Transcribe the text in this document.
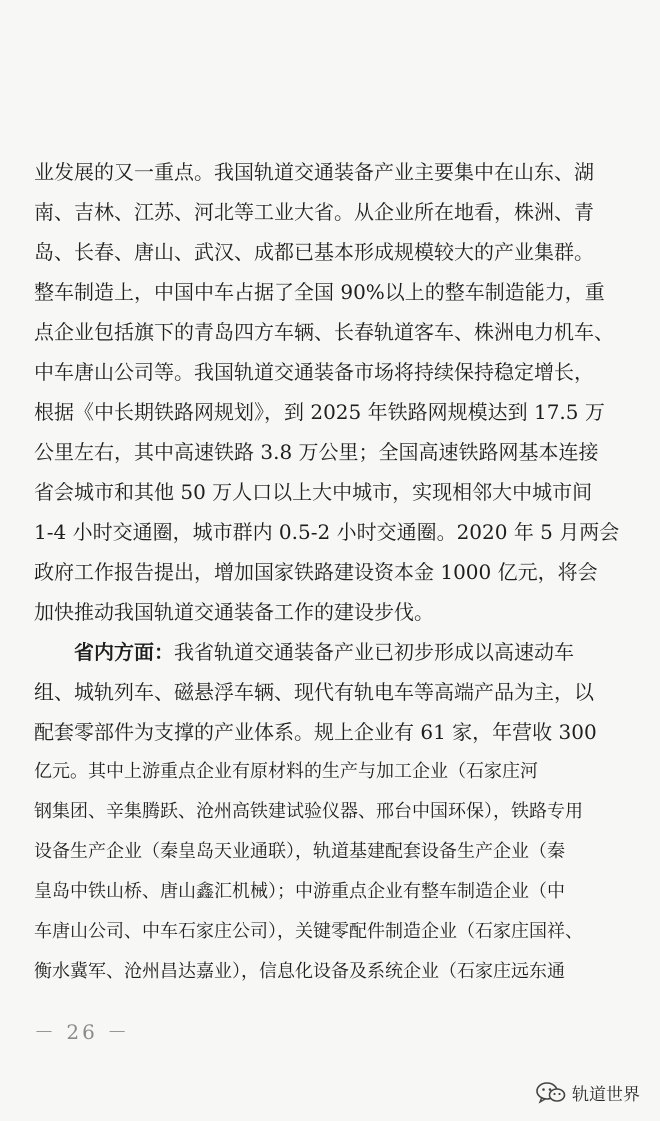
业发展的又一重点。我国轨道交通装备产业主要集中在山东、湖
南、吉林、江苏、河北等工业大省。从企业所在地看，株洲、青
岛、长春、唐山、武汉、成都已基本形成规模较大的产业集群。
整车制造上，中国中车占据了全国 90%以上的整车制造能力，重
点企业包括旗下的青岛四方车辆、长春轨道客车、株洲电力机车、
中车唐山公司等。我国轨道交通装备市场将持续保持稳定增长，
根据《中长期铁路网规划》，到 2025 年铁路网规模达到 17.5 万
公里左右，其中高速铁路 3.8 万公里；全国高速铁路网基本连接
省会城市和其他 50 万人口以上大中城市，实现相邻大中城市间
1-4 小时交通圈，城市群内 0.5-2 小时交通圈。2020 年 5 月两会
政府工作报告提出，增加国家铁路建设资本金 1000 亿元，将会
加快推动我国轨道交通装备工作的建设步伐。
省内方面：我省轨道交通装备产业已初步形成以高速动车
组、城轨列车、磁悬浮车辆、现代有轨电车等高端产品为主，以
配套零部件为支撑的产业体系。规上企业有 61 家，年营收 300
亿元。其中上游重点企业有原材料的生产与加工企业（石家庄河
钢集团、辛集腾跃、沧州高铁建试验仪器、邢台中国环保），铁路专用
设备生产企业（秦皇岛天业通联），轨道基建配套设备生产企业（秦
皇岛中铁山桥、唐山鑫汇机械）；中游重点企业有整车制造企业（中
车唐山公司、中车石家庄公司），关键零配件制造企业（石家庄国祥、
衡水冀军、沧州昌达嘉业），信息化设备及系统企业（石家庄远东通
－ 26 －
轨道世界
